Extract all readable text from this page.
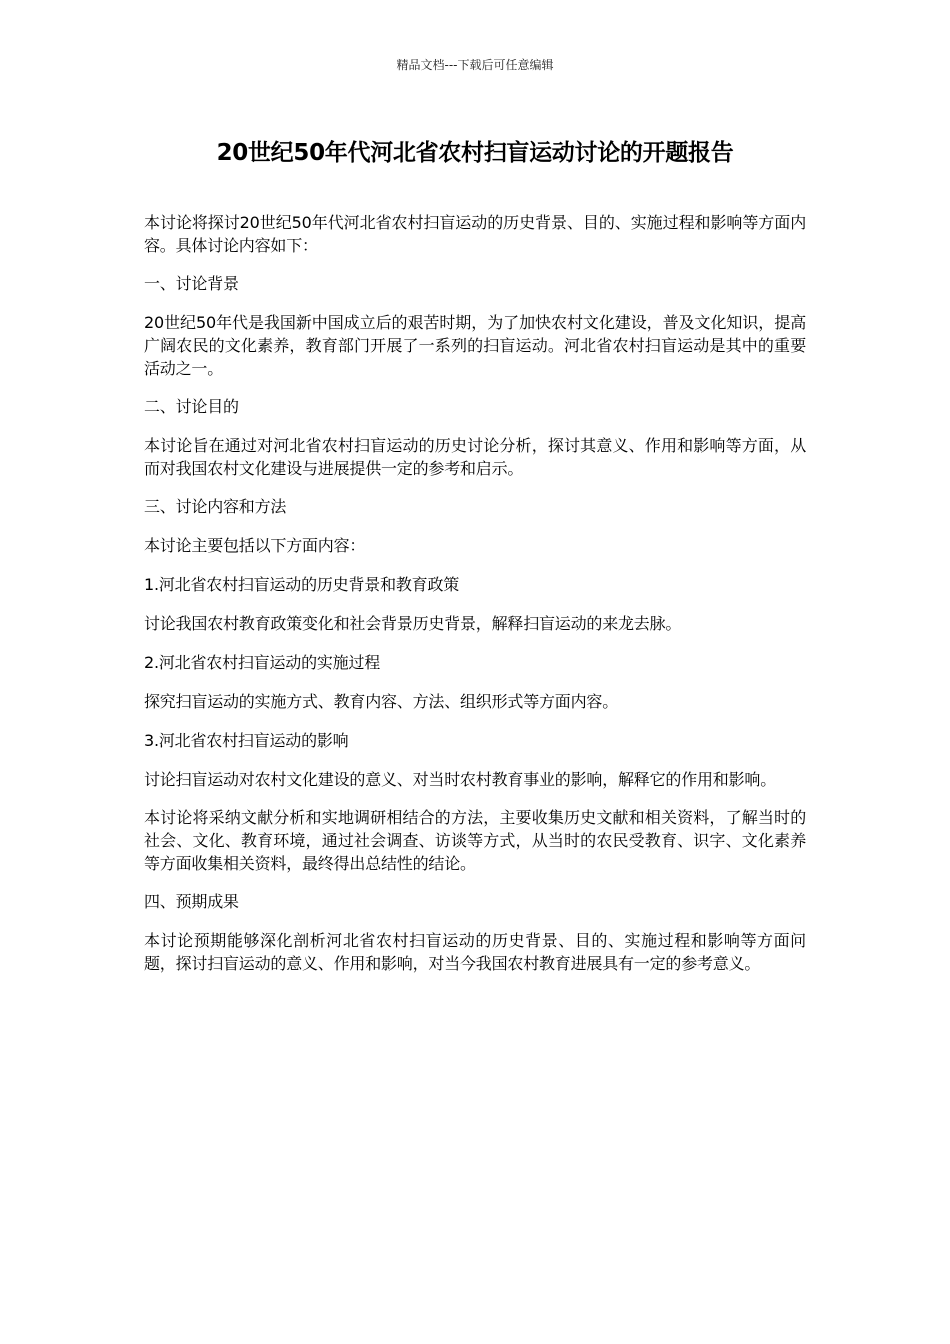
精品文档---下载后可任意编辑
20世纪50年代河北省农村扫盲运动讨论的开题报告

本讨论将探讨20世纪50年代河北省农村扫盲运动的历史背景、目的、实施过程和影响等方面内容。具体讨论内容如下：

一、讨论背景

20世纪50年代是我国新中国成立后的艰苦时期，为了加快农村文化建设，普及文化知识，提高广阔农民的文化素养，教育部门开展了一系列的扫盲运动。河北省农村扫盲运动是其中的重要活动之一。

二、讨论目的

本讨论旨在通过对河北省农村扫盲运动的历史讨论分析，探讨其意义、作用和影响等方面，从而对我国农村文化建设与进展提供一定的参考和启示。

三、讨论内容和方法

本讨论主要包括以下方面内容：

1.河北省农村扫盲运动的历史背景和教育政策

讨论我国农村教育政策变化和社会背景历史背景，解释扫盲运动的来龙去脉。

2.河北省农村扫盲运动的实施过程

探究扫盲运动的实施方式、教育内容、方法、组织形式等方面内容。

3.河北省农村扫盲运动的影响

讨论扫盲运动对农村文化建设的意义、对当时农村教育事业的影响，解释它的作用和影响。

本讨论将采纳文献分析和实地调研相结合的方法，主要收集历史文献和相关资料，了解当时的社会、文化、教育环境，通过社会调查、访谈等方式，从当时的农民受教育、识字、文化素养等方面收集相关资料，最终得出总结性的结论。

四、预期成果

本讨论预期能够深化剖析河北省农村扫盲运动的历史背景、目的、实施过程和影响等方面问题，探讨扫盲运动的意义、作用和影响，对当今我国农村教育进展具有一定的参考意义。
